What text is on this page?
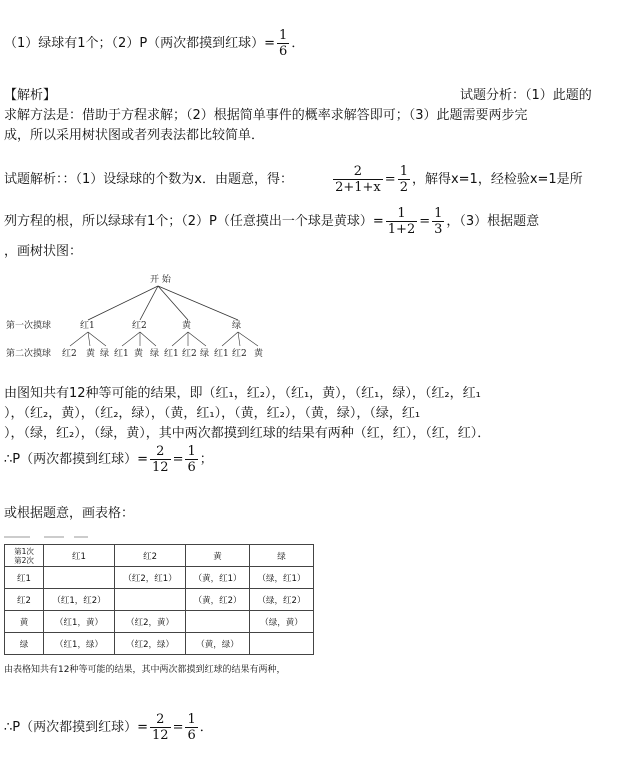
（1）绿球有1个；（2）P（两次都摸到红球）= $\frac{1}{6}$ ．
【解析】	试题分析：（1）此题的
求解方法是：借助于方程求解；（2）根据简单事件的概率求解答即可；（3）此题需要两步完
成，所以采用树状图或者列表法都比较简单．
试题解析：：（1）设绿球的个数为x．由题意，得：	$\frac{2}{2+1+x} = \frac{1}{2}$ ，解得x=1，经检验x=1是所
列方程的根，所以绿球有1个；（2）P（任意摸出一个球是黄球）= $\frac{1}{1+2} = \frac{1}{3}$ ，（3）根据题意
，画树状图：
开 始
第一次摸球	红1	红2	黄	绿
第二次摸球 红2 黄 绿 红1 黄 绿 红1 红2 绿 红1 红2 黄
由图知共有12种等可能的结果，即（红₁，红₂），（红₁，黄），（红₁，绿），（红₂，红₁
），（红₂，黄），（红₂，绿），（黄，红₁），（黄，红₂），（黄，绿），（绿，红₁
），（绿，红₂），（绿，黄），其中两次都摸到红球的结果有两种（红，红），（红，红）．
∴P（两次都摸到红球）= $\frac{2}{12} = \frac{1}{6}$ ；
或根据题意，画表格：
第1次
第2次	红1	红2	黄	绿
红1		（红2，红1）	（黄，红1）	（绿，红1）
红2	（红1，红2）		（黄，红2）	（绿，红2）
黄	（红1，黄）	（红2，黄）		（绿，黄）
绿	（红1，绿）	（红2，绿）	（黄，绿）	
由表格知共有12种等可能的结果，其中两次都摸到红球的结果有两种，
∴P（两次都摸到红球）= $\frac{2}{12} = \frac{1}{6}$ ．
